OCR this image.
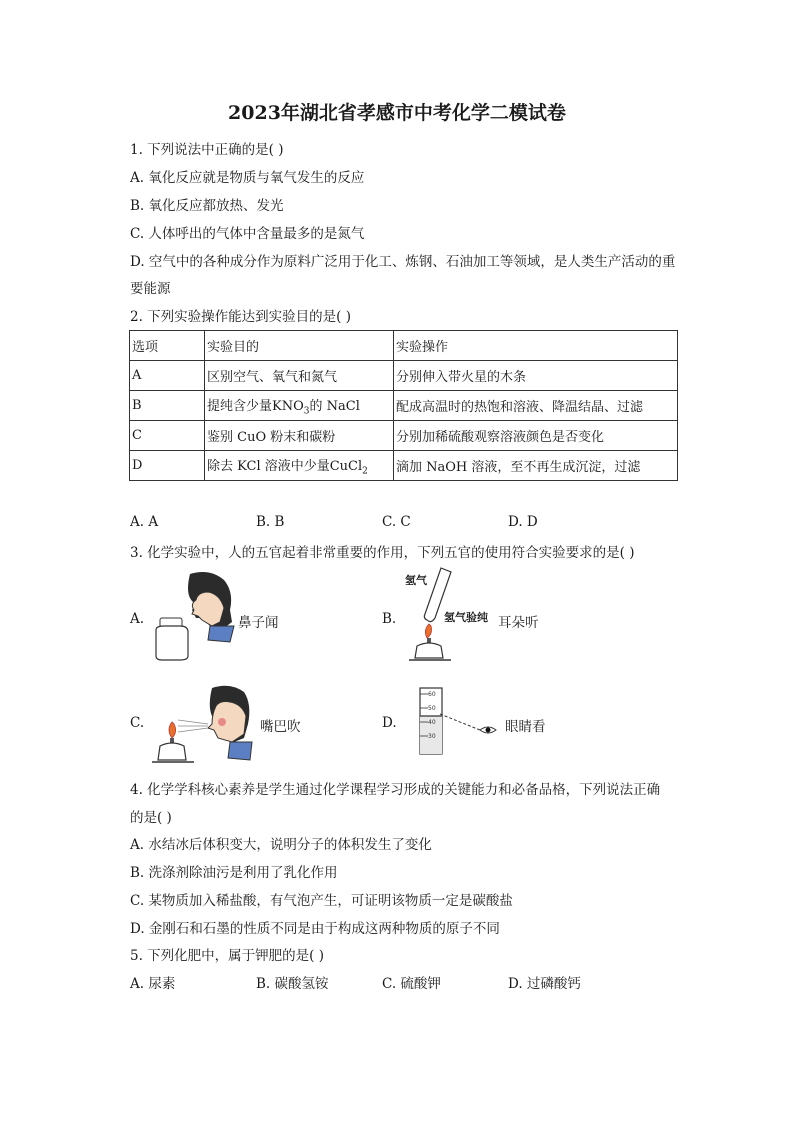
2023年湖北省孝感市中考化学二模试卷
1. 下列说法中正确的是( )
A. 氧化反应就是物质与氧气发生的反应
B. 氧化反应都放热、发光
C. 人体呼出的气体中含量最多的是氮气
D. 空气中的各种成分作为原料广泛用于化工、炼钢、石油加工等领域，是人类生产活动的重
要能源
2. 下列实验操作能达到实验目的是( )
选项	实验目的	实验操作
A	区别空气、氧气和氮气	分别伸入带火星的木条
B	提纯含少量$KNO_3$的 NaCl	配成高温时的热饱和溶液、降温结晶、过滤
C	鉴别 CuO 粉末和碳粉	分别加稀硫酸观察溶液颜色是否变化
D	除去 KCl 溶液中少量CuCl$_2$	滴加 NaOH 溶液，至不再生成沉淀，过滤
A. A	B. B	C. C	D. D
3. 化学实验中，人的五官起着非常重要的作用，下列五官的使用符合实验要求的是( )
A.	鼻子闻	B.
氢气
氢气验纯 耳朵听
C.	嘴巴吹	D.
60
50
40
30
眼睛看
4. 化学学科核心素养是学生通过化学课程学习形成的关键能力和必备品格，下列说法正确
的是( )
A. 水结冰后体积变大，说明分子的体积发生了变化
B. 洗涤剂除油污是利用了乳化作用
C. 某物质加入稀盐酸，有气泡产生，可证明该物质一定是碳酸盐
D. 金刚石和石墨的性质不同是由于构成这两种物质的原子不同
5. 下列化肥中，属于钾肥的是( )
A. 尿素	B. 碳酸氢铵	C. 硫酸钾	D. 过磷酸钙
